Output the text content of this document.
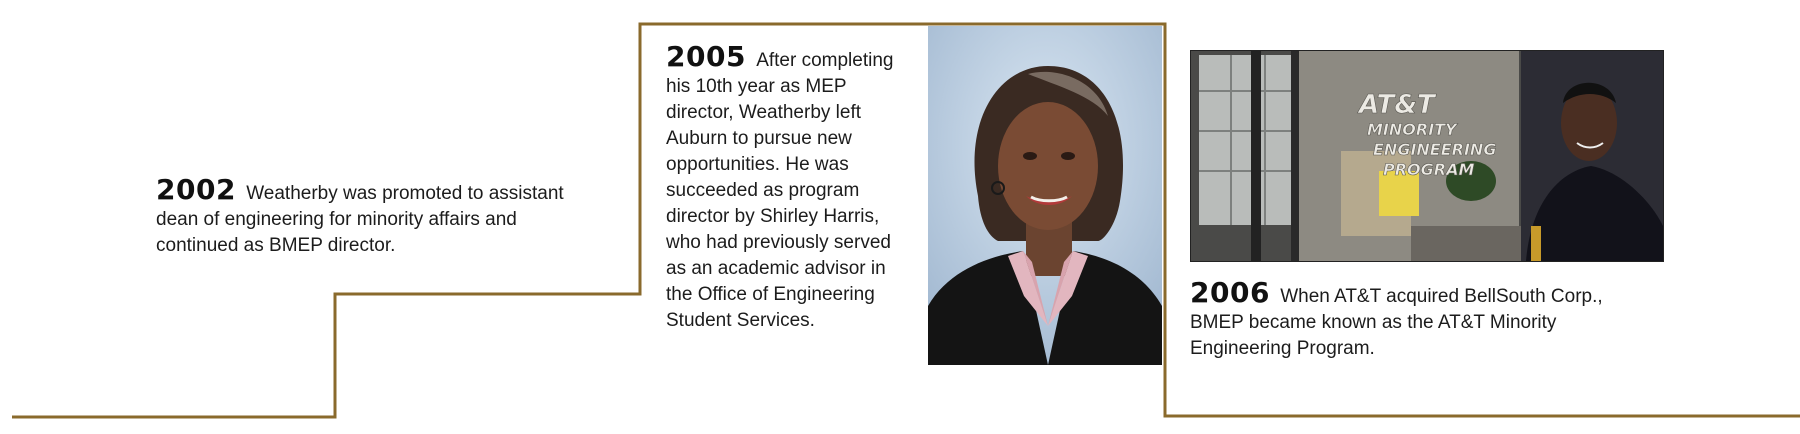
2002 Weatherby was promoted to assistant dean of engineering for minority affairs and continued as BMEP director.
2005 After completing his 10th year as MEP director, Weatherby left Auburn to pursue new opportunities. He was succeeded as program director by Shirley Harris, who had previously served as an academic advisor in the Office of Engineering Student Services.
AT&T
MINORITY
ENGINEERING
PROGRAM
2006 When AT&T acquired BellSouth Corp., BMEP became known as the AT&T Minority Engineering Program.
